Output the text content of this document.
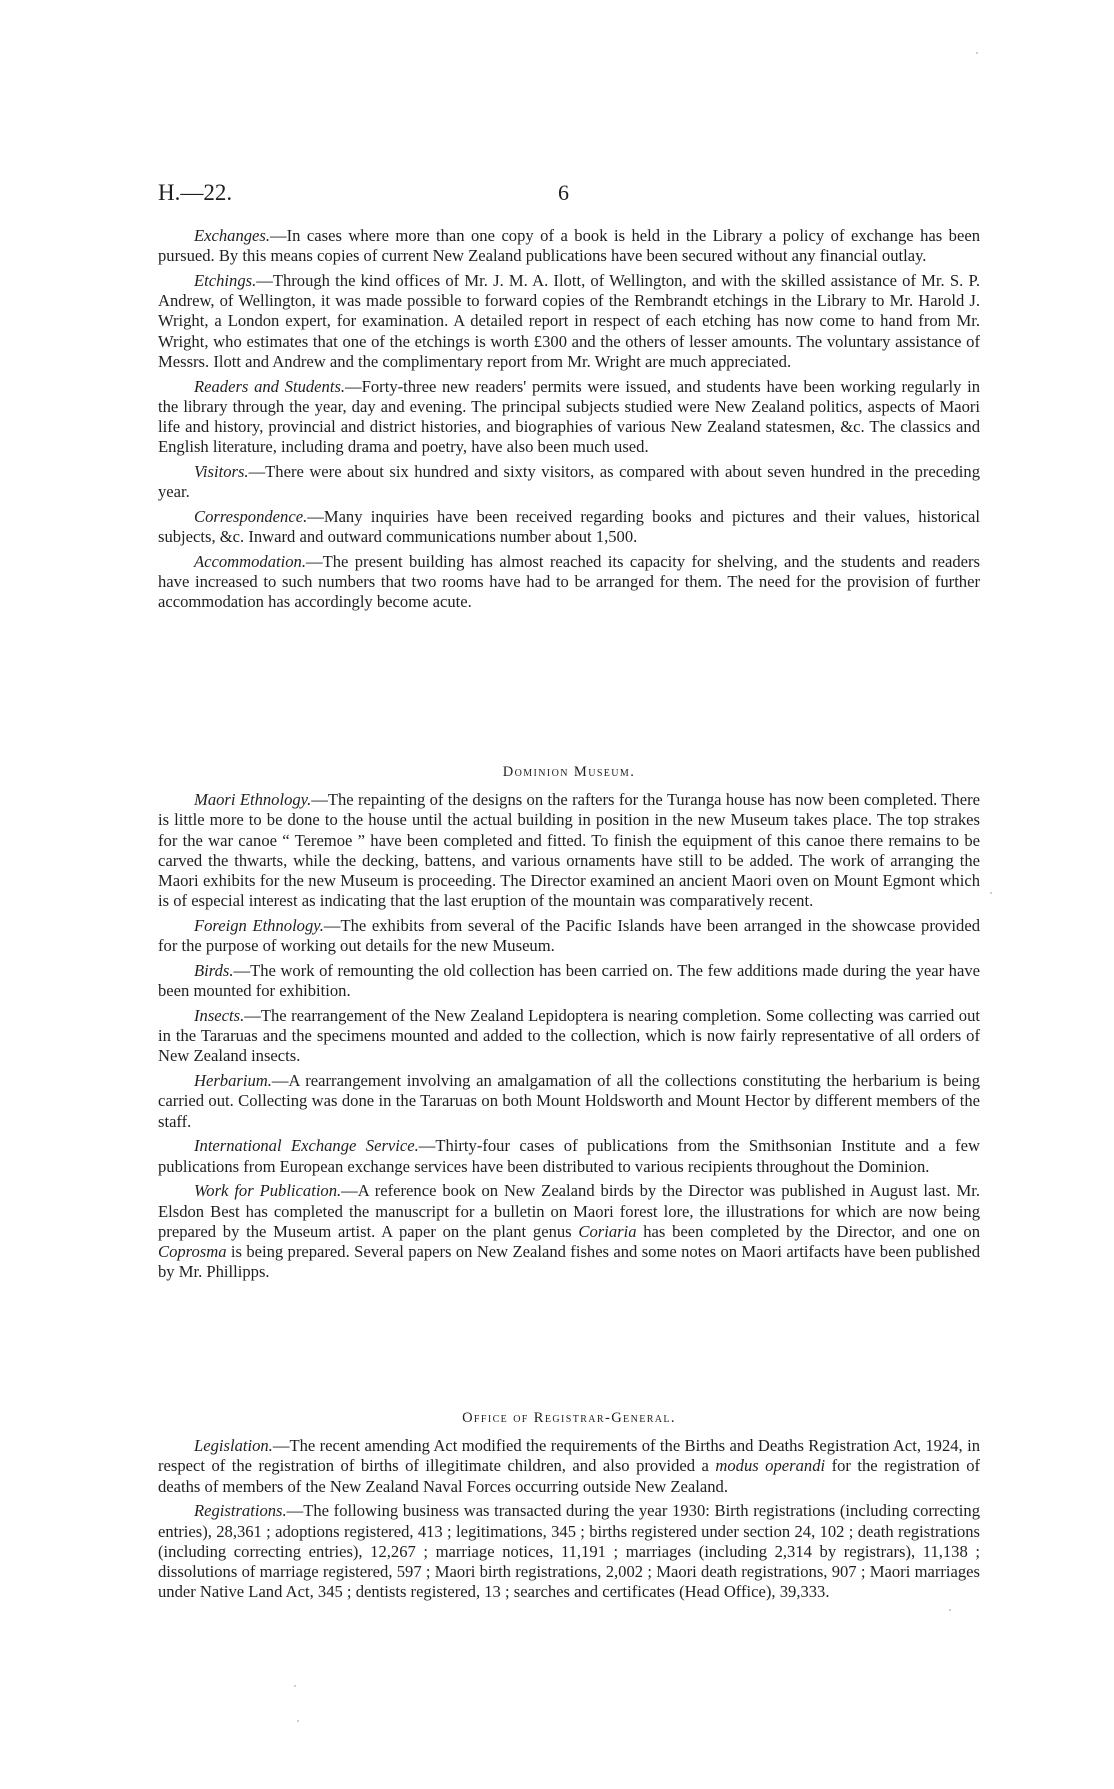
H.—22.	6

Exchanges.—In cases where more than one copy of a book is held in the Library a policy of exchange has been pursued. By this means copies of current New Zealand publications have been secured without any financial outlay.

Etchings.—Through the kind offices of Mr. J. M. A. Ilott, of Wellington, and with the skilled assistance of Mr. S. P. Andrew, of Wellington, it was made possible to forward copies of the Rembrandt etchings in the Library to Mr. Harold J. Wright, a London expert, for examination. A detailed report in respect of each etching has now come to hand from Mr. Wright, who estimates that one of the etchings is worth £300 and the others of lesser amounts. The voluntary assistance of Messrs. Ilott and Andrew and the complimentary report from Mr. Wright are much appreciated.

Readers and Students.—Forty-three new readers' permits were issued, and students have been working regularly in the library through the year, day and evening. The principal subjects studied were New Zealand politics, aspects of Maori life and history, provincial and district histories, and biographies of various New Zealand statesmen, &c. The classics and English literature, including drama and poetry, have also been much used.

Visitors.—There were about six hundred and sixty visitors, as compared with about seven hundred in the preceding year.

Correspondence.—Many inquiries have been received regarding books and pictures and their values, historical subjects, &c. Inward and outward communications number about 1,500.

Accommodation.—The present building has almost reached its capacity for shelving, and the students and readers have increased to such numbers that two rooms have had to be arranged for them. The need for the provision of further accommodation has accordingly become acute.

Dominion Museum.

Maori Ethnology.—The repainting of the designs on the rafters for the Turanga house has now been completed. There is little more to be done to the house until the actual building in position in the new Museum takes place. The top strakes for the war canoe “ Teremoe ” have been completed and fitted. To finish the equipment of this canoe there remains to be carved the thwarts, while the decking, battens, and various ornaments have still to be added. The work of arranging the Maori exhibits for the new Museum is proceeding. The Director examined an ancient Maori oven on Mount Egmont which is of especial interest as indicating that the last eruption of the mountain was comparatively recent.

Foreign Ethnology.—The exhibits from several of the Pacific Islands have been arranged in the showcase provided for the purpose of working out details for the new Museum.

Birds.—The work of remounting the old collection has been carried on. The few additions made during the year have been mounted for exhibition.

Insects.—The rearrangement of the New Zealand Lepidoptera is nearing completion. Some collecting was carried out in the Tararuas and the specimens mounted and added to the collection, which is now fairly representative of all orders of New Zealand insects.

Herbarium.—A rearrangement involving an amalgamation of all the collections constituting the herbarium is being carried out. Collecting was done in the Tararuas on both Mount Holdsworth and Mount Hector by different members of the staff.

International Exchange Service.—Thirty-four cases of publications from the Smithsonian Institute and a few publications from European exchange services have been distributed to various recipients throughout the Dominion.

Work for Publication.—A reference book on New Zealand birds by the Director was published in August last. Mr. Elsdon Best has completed the manuscript for a bulletin on Maori forest lore, the illustrations for which are now being prepared by the Museum artist. A paper on the plant genus Coriaria has been completed by the Director, and one on Coprosma is being prepared. Several papers on New Zealand fishes and some notes on Maori artifacts have been published by Mr. Phillipps.

Office of Registrar-General.

Legislation.—The recent amending Act modified the requirements of the Births and Deaths Registration Act, 1924, in respect of the registration of births of illegitimate children, and also provided a modus operandi for the registration of deaths of members of the New Zealand Naval Forces occurring outside New Zealand.

Registrations.—The following business was transacted during the year 1930: Birth registrations (including correcting entries), 28,361 ; adoptions registered, 413 ; legitimations, 345 ; births registered under section 24, 102 ; death registrations (including correcting entries), 12,267 ; marriage notices, 11,191 ; marriages (including 2,314 by registrars), 11,138 ; dissolutions of marriage registered, 597 ; Maori birth registrations, 2,002 ; Maori death registrations, 907 ; Maori marriages under Native Land Act, 345 ; dentists registered, 13 ; searches and certificates (Head Office), 39,333.
